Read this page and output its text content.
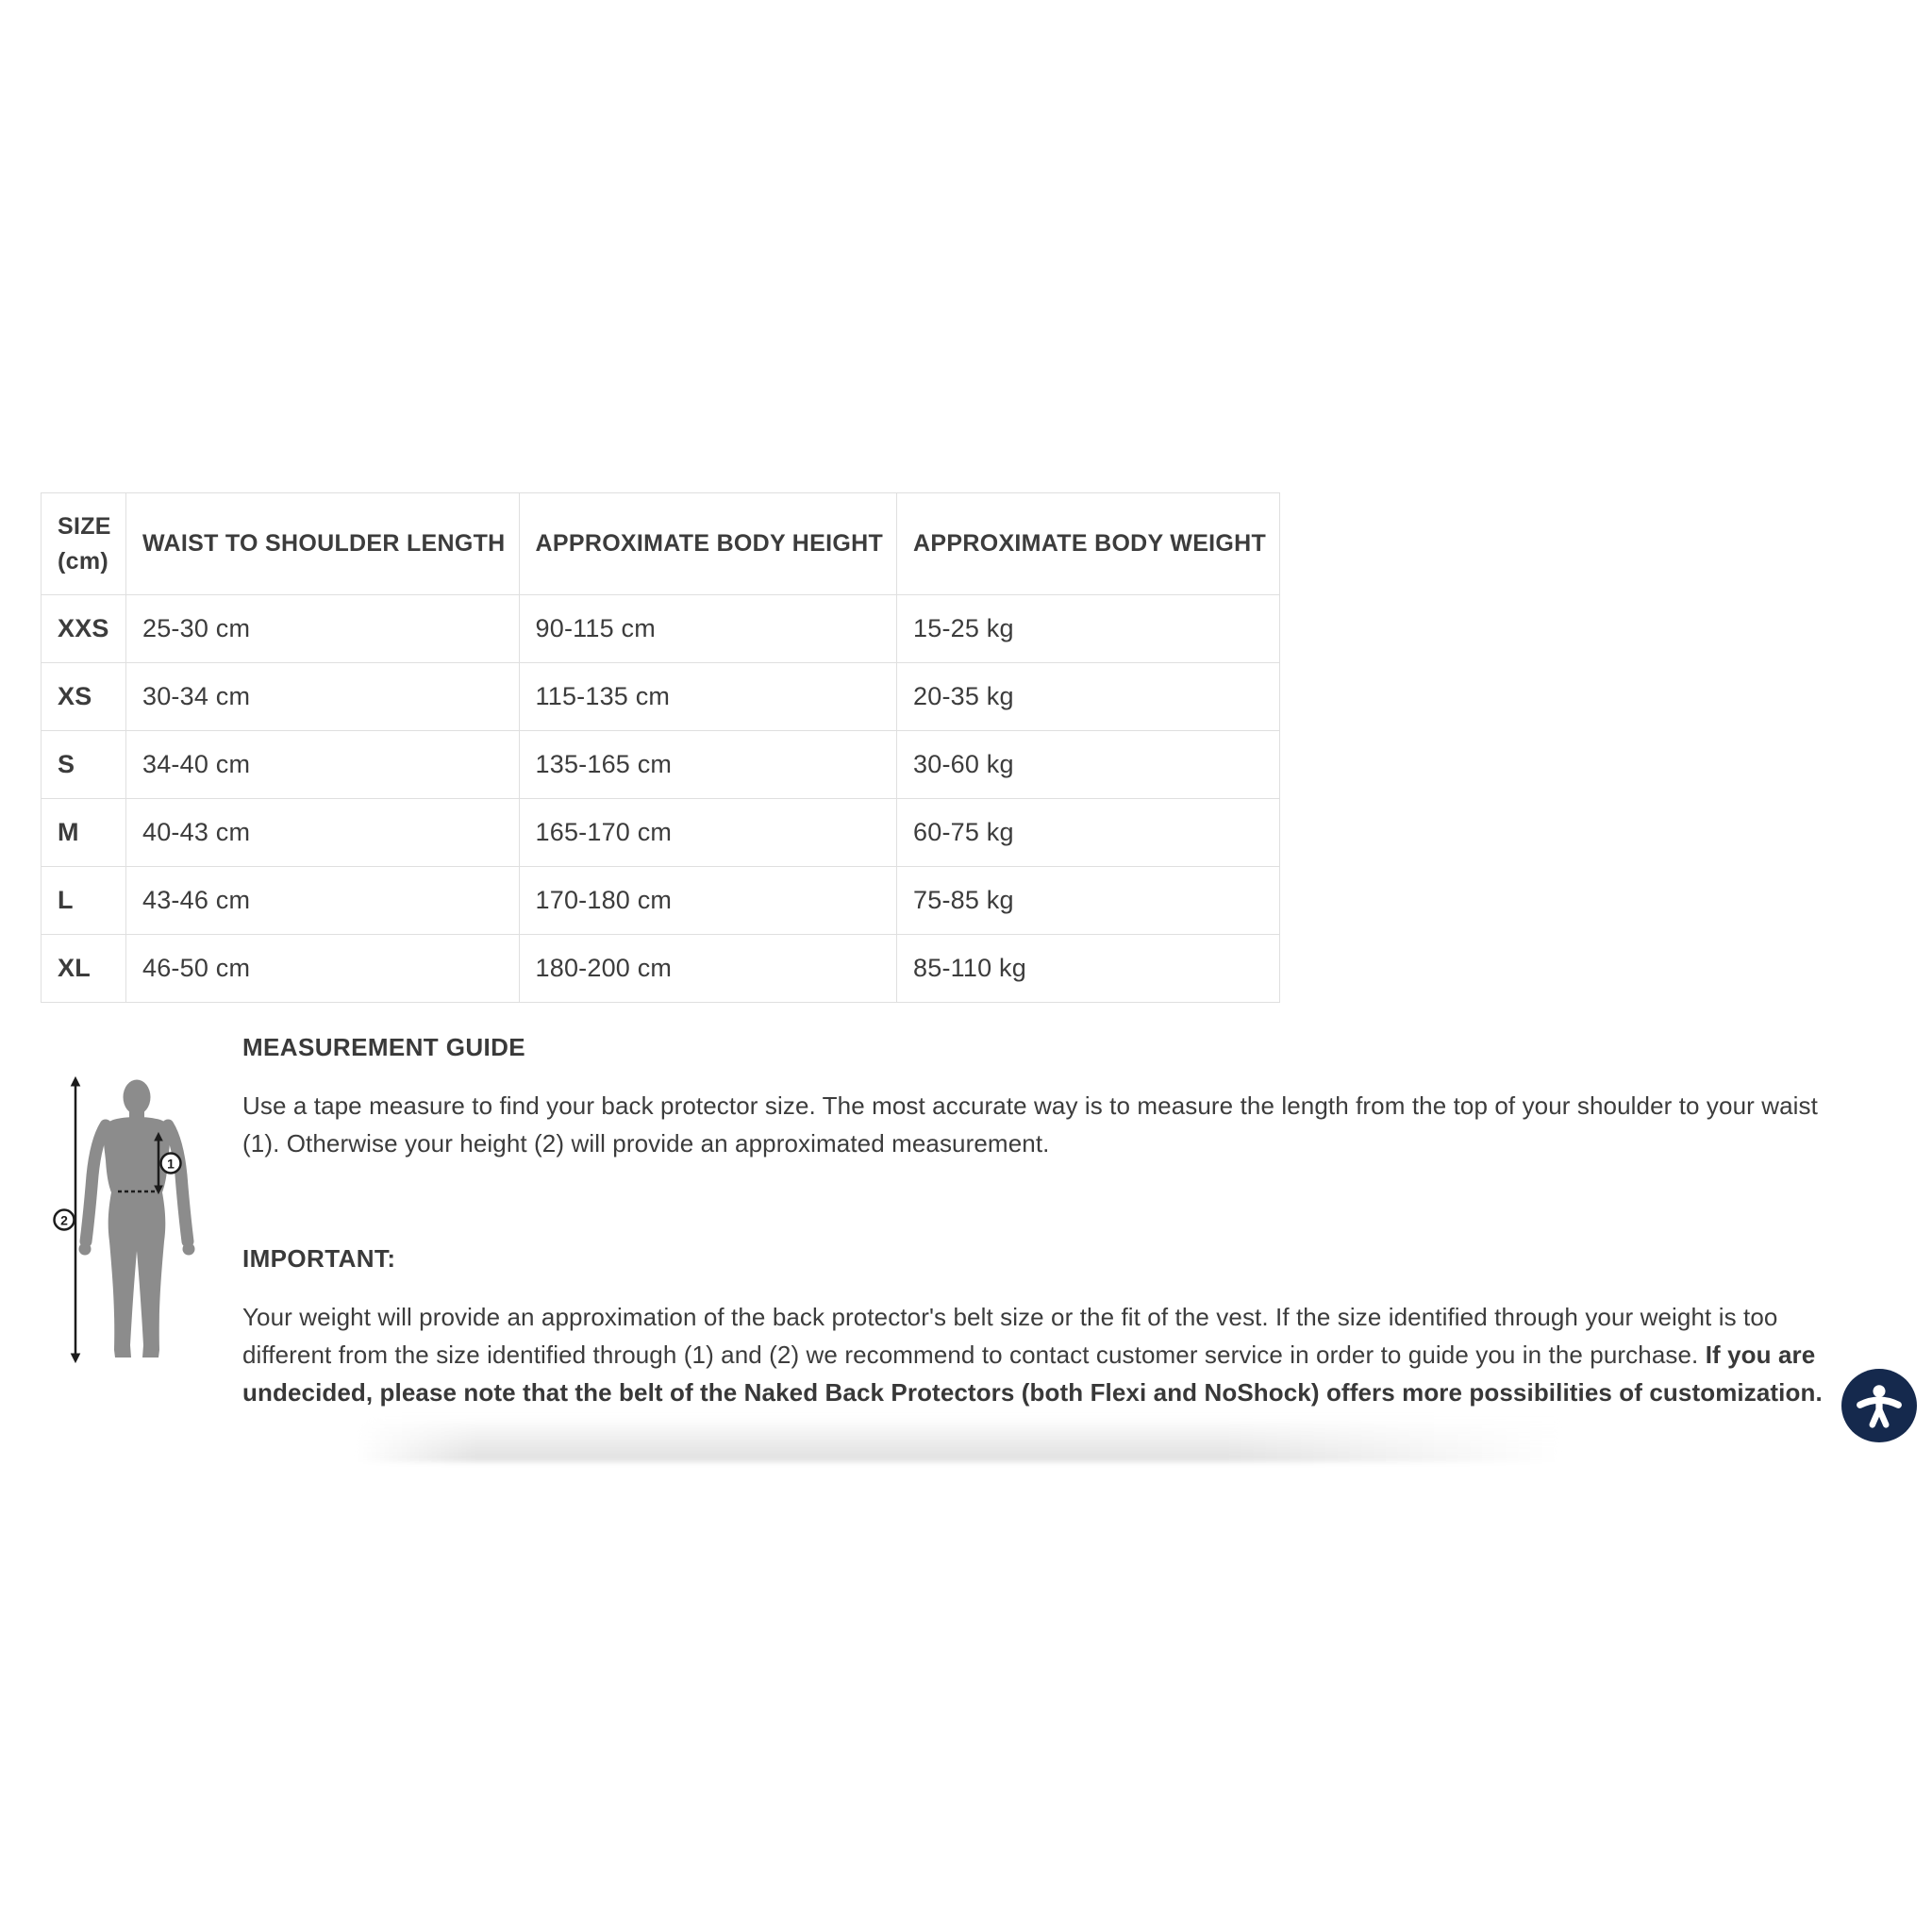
SIZE (cm)	WAIST TO SHOULDER LENGTH	APPROXIMATE BODY HEIGHT	APPROXIMATE BODY WEIGHT
XXS	25-30 cm	90-115 cm	15-25 kg
XS	30-34 cm	115-135 cm	20-35 kg
S	34-40 cm	135-165 cm	30-60 kg
M	40-43 cm	165-170 cm	60-75 kg
L	43-46 cm	170-180 cm	75-85 kg
XL	46-50 cm	180-200 cm	85-110 kg
MEASUREMENT GUIDE

Use a tape measure to find your back protector size. The most accurate way is to measure the length from the top of your shoulder to your waist (1). Otherwise your height (2) will provide an approximated measurement.

IMPORTANT:

Your weight will provide an approximation of the back protector's belt size or the fit of the vest. If the size identified through your weight is too different from the size identified through (1) and (2) we recommend to contact customer service in order to guide you in the purchase. If you are undecided, please note that the belt of the Naked Back Protectors (both Flexi and NoShock) offers more possibilities of customization.

2
1
